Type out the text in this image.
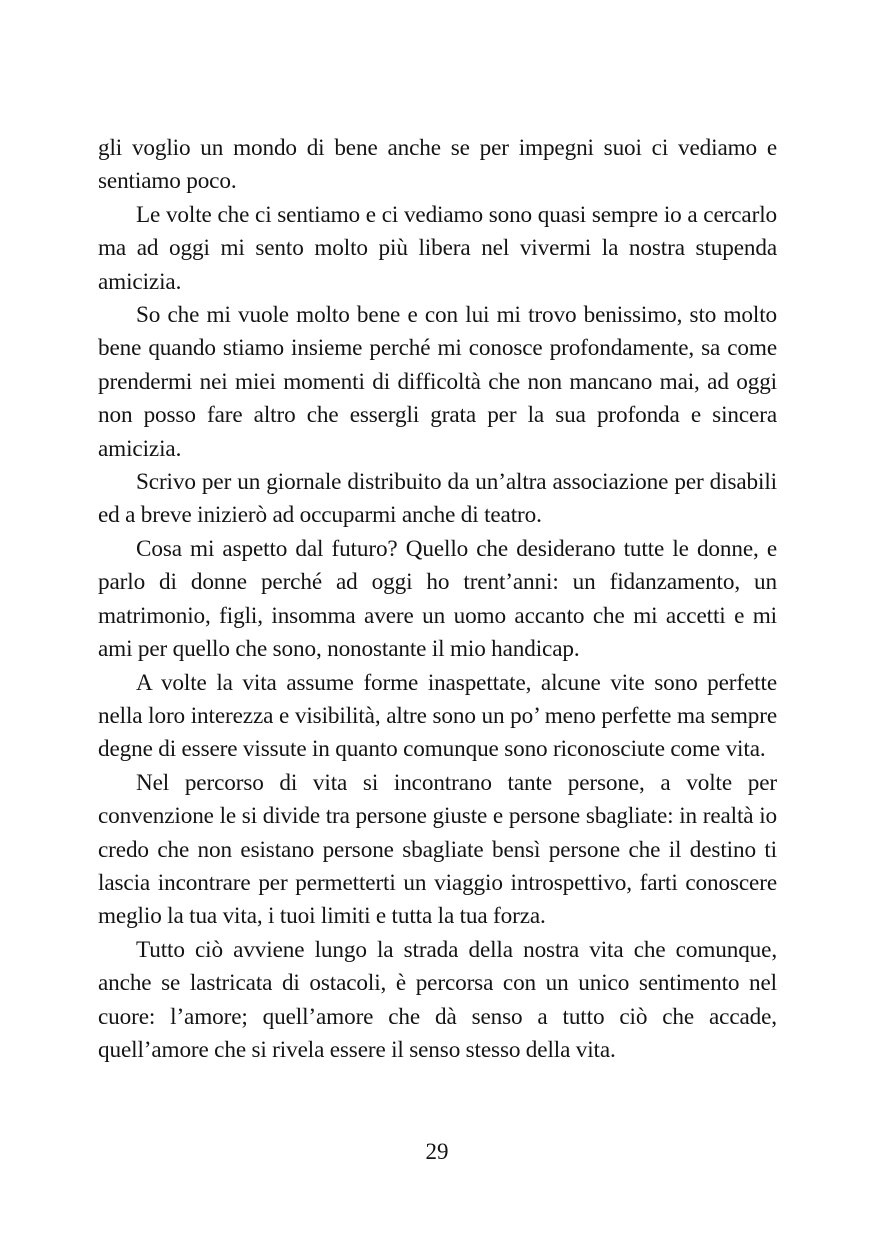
gli voglio un mondo di bene anche se per impegni suoi ci vediamo e sentiamo poco.

Le volte che ci sentiamo e ci vediamo sono quasi sempre io a cercarlo ma ad oggi mi sento molto più libera nel vivermi la nostra stupenda amicizia.

So che mi vuole molto bene e con lui mi trovo benissimo, sto molto bene quando stiamo insieme perché mi conosce profondamente, sa come prendermi nei miei momenti di difficoltà che non mancano mai, ad oggi non posso fare altro che essergli grata per la sua profonda e sincera amicizia.

Scrivo per un giornale distribuito da un’altra associazione per disabili ed a breve inizierò ad occuparmi anche di teatro.

Cosa mi aspetto dal futuro? Quello che desiderano tutte le donne, e parlo di donne perché ad oggi ho trent’anni: un fidanzamento, un matrimonio, figli, insomma avere un uomo accanto che mi accetti e mi ami per quello che sono, nonostante il mio handicap.

A volte la vita assume forme inaspettate, alcune vite sono perfette nella loro interezza e visibilità, altre sono un po’ meno perfette ma sempre degne di essere vissute in quanto comunque sono riconosciute come vita.

Nel percorso di vita si incontrano tante persone, a volte per convenzione le si divide tra persone giuste e persone sbagliate: in realtà io credo che non esistano persone sbagliate bensì persone che il destino ti lascia incontrare per permetterti un viaggio introspettivo, farti conoscere meglio la tua vita, i tuoi limiti e tutta la tua forza.

Tutto ciò avviene lungo la strada della nostra vita che comunque, anche se lastricata di ostacoli, è percorsa con un unico sentimento nel cuore: l’amore; quell’amore che dà senso a tutto ciò che accade, quell’amore che si rivela essere il senso stesso della vita.

29
